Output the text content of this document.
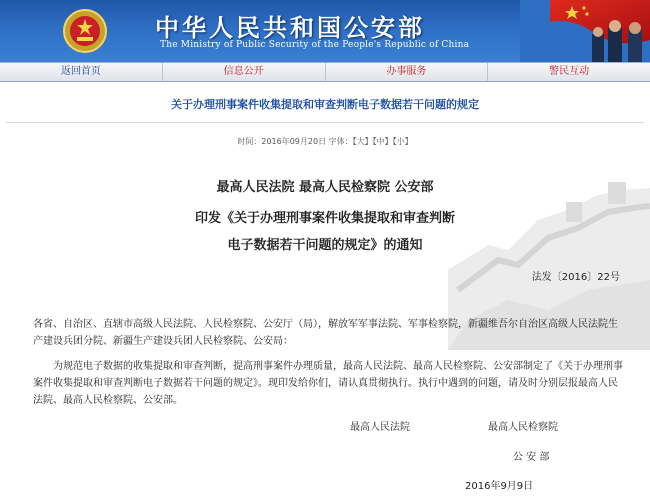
中华人民共和国公安部
The Ministry of Public Security of the People's Republic of China
返回首页	信息公开	办事服务	警民互动
关于办理刑事案件收集提取和审查判断电子数据若干问题的规定
时间：2016年09月20日 字体：【大】【中】【小】
最高人民法院 最高人民检察院 公安部
印发《关于办理刑事案件收集提取和审查判断
电子数据若干问题的规定》的通知
法发〔2016〕22号
各省、自治区、直辖市高级人民法院、人民检察院、公安厅（局），解放军军事法院、军事检察院，新疆维吾尔自治区高级人民法院生产建设兵团分院、新疆生产建设兵团人民检察院、公安局：
为规范电子数据的收集提取和审查判断，提高刑事案件办理质量，最高人民法院、最高人民检察院、公安部制定了《关于办理刑事案件收集提取和审查判断电子数据若干问题的规定》。现印发给你们，请认真贯彻执行。执行中遇到的问题，请及时分别层报最高人民法院、最高人民检察院、公安部。
最高人民法院	最高人民检察院
公 安 部
2016年9月9日
